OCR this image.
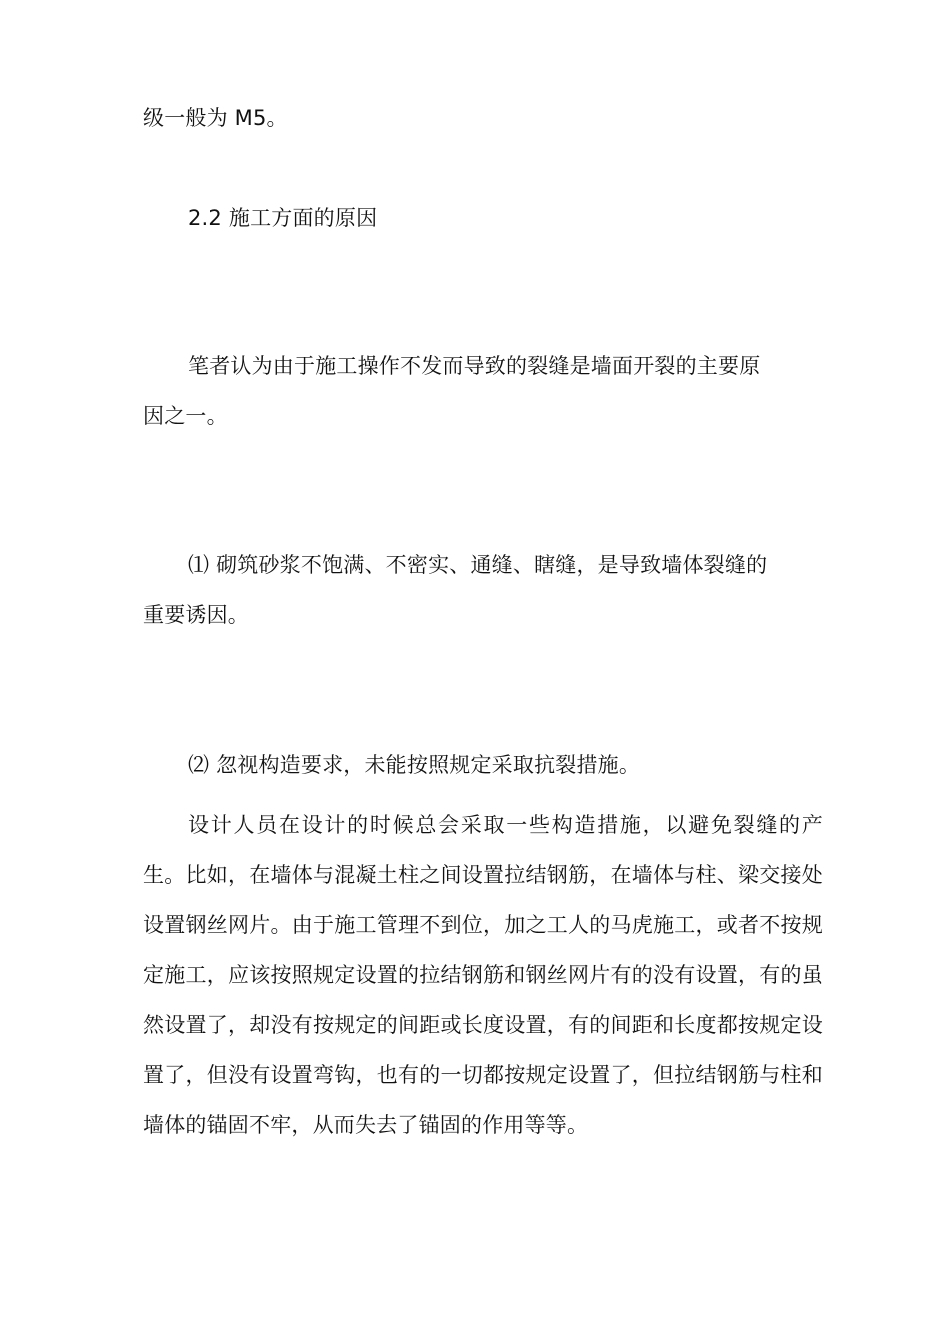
级一般为 M5。
2.2 施工方面的原因
笔者认为由于施工操作不发而导致的裂缝是墙面开裂的主要原
因之一。
⑴ 砌筑砂浆不饱满、不密实、通缝、瞎缝，是导致墙体裂缝的
重要诱因。
⑵ 忽视构造要求，未能按照规定采取抗裂措施。

设计人员在设计的时候总会采取一些构造措施，以避免裂缝的产生。比如，在墙体与混凝土柱之间设置拉结钢筋，在墙体与柱、梁交接处设置钢丝网片。由于施工管理不到位，加之工人的马虎施工，或者不按规定施工，应该按照规定设置的拉结钢筋和钢丝网片有的没有设置，有的虽然设置了，却没有按规定的间距或长度设置，有的间距和长度都按规定设置了，但没有设置弯钩，也有的一切都按规定设置了，但拉结钢筋与柱和墙体的锚固不牢，从而失去了锚固的作用等等。
